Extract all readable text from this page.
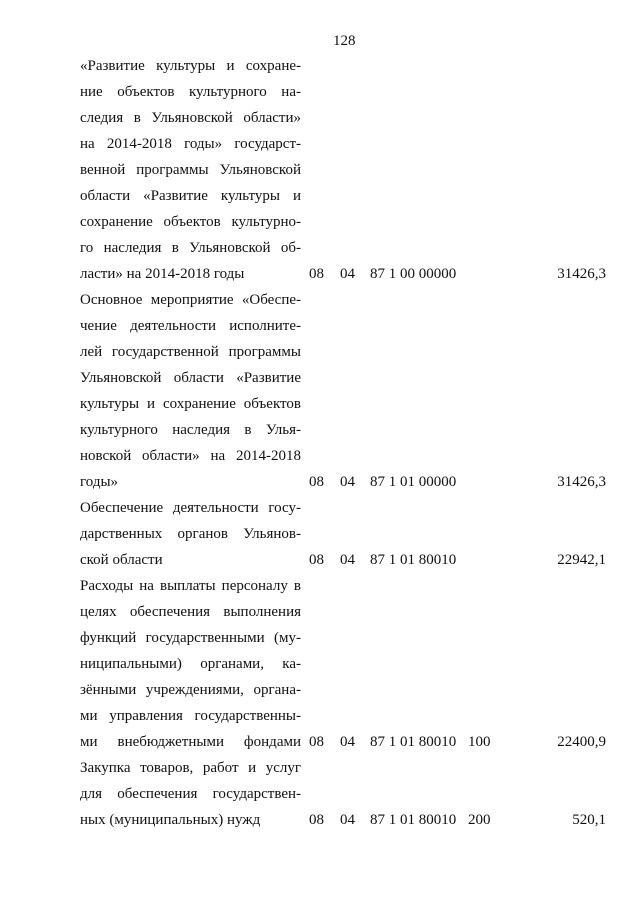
128
«Развитие культуры и сохране-
ние объектов культурного на-
следия в Ульяновской области»
на 2014-2018 годы» государст-
венной программы Ульяновской
области «Развитие культуры и
сохранение объектов культурно-
го наследия в Ульяновской об-
ласти» на 2014-2018 годы	08	04	87 1 00 00000	31426,3
Основное мероприятие «Обеспе-
чение деятельности исполните-
лей государственной программы
Ульяновской области «Развитие
культуры и сохранение объектов
культурного наследия в Улья-
новской области» на 2014-2018
годы»	08	04	87 1 01 00000	31426,3
Обеспечение деятельности госу-
дарственных органов Ульянов-
ской области	08	04	87 1 01 80010	22942,1
Расходы на выплаты персоналу в
целях обеспечения выполнения
функций государственными (му-
ниципальными) органами, ка-
зёнными учреждениями, органа-
ми управления государственны-
ми внебюджетными фондами 08	04	87 1 01 80010 100	22400,9
Закупка товаров, работ и услуг
для обеспечения государствен-
ных (муниципальных) нужд	08	04	87 1 01 80010 200	520,1
